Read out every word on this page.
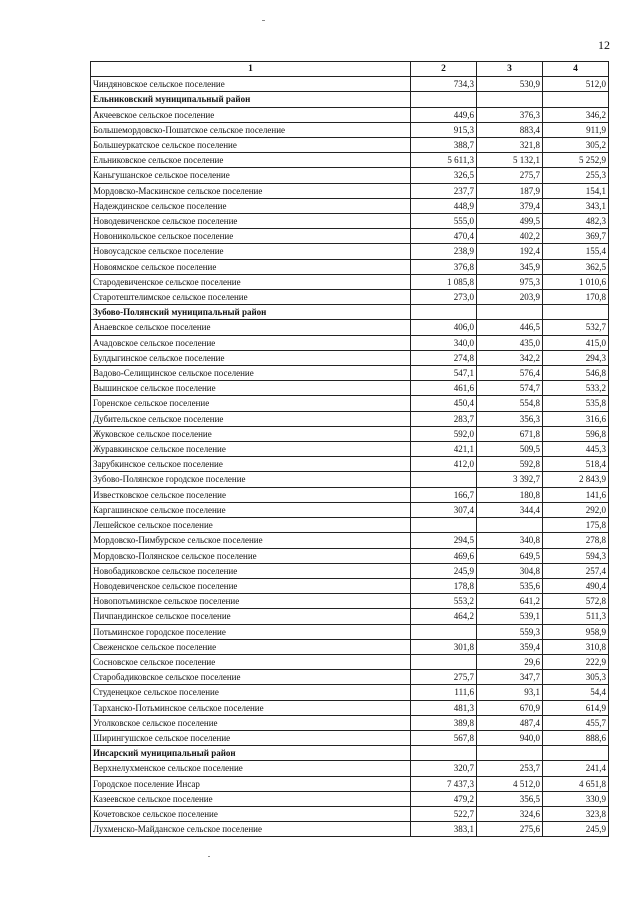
12
1	2	3	4
Чиндяновское сельское поселение	734,3	530,9	512,0
Ельниковский муниципальный район			
Акчеевское сельское поселение	449,6	376,3	346,2
Большемордовско-Пошатское сельское поселение	915,3	883,4	911,9
Большеуркатское сельское поселение	388,7	321,8	305,2
Ельниковское сельское поселение	5 611,3	5 132,1	5 252,9
Каньгушанское сельское поселение	326,5	275,7	255,3
Мордовско-Маскинское сельское поселение	237,7	187,9	154,1
Надеждинское сельское поселение	448,9	379,4	343,1
Новодевиченское сельское поселение	555,0	499,5	482,3
Новоникольское сельское поселение	470,4	402,2	369,7
Новоусадское сельское поселение	238,9	192,4	155,4
Новоямское сельское поселение	376,8	345,9	362,5
Стародевиченское сельское поселение	1 085,8	975,3	1 010,6
Старотештелимское сельское поселение	273,0	203,9	170,8
Зубово-Полянский муниципальный район			
Анаевское сельское поселение	406,0	446,5	532,7
Ачадовское сельское поселение	340,0	435,0	415,0
Булдыгинское сельское поселение	274,8	342,2	294,3
Вадово-Селищинское сельское поселение	547,1	576,4	546,8
Вышинское сельское поселение	461,6	574,7	533,2
Горенское сельское поселение	450,4	554,8	535,8
Дубительское сельское поселение	283,7	356,3	316,6
Жуковское сельское поселение	592,0	671,8	596,8
Журавкинское сельское поселение	421,1	509,5	445,3
Зарубкинское сельское поселение	412,0	592,8	518,4
Зубово-Полянское городское поселение		3 392,7	2 843,9
Известковское сельское поселение	166,7	180,8	141,6
Каргашинское сельское поселение	307,4	344,4	292,0
Лешейское сельское поселение			175,8
Мордовско-Пимбурское сельское поселение	294,5	340,8	278,8
Мордовско-Полянское сельское поселение	469,6	649,5	594,3
Новобадиковское сельское поселение	245,9	304,8	257,4
Новодевиченское сельское поселение	178,8	535,6	490,4
Новопотьминское сельское поселение	553,2	641,2	572,8
Пичпандинское сельское поселение	464,2	539,1	511,3
Потьминское городское поселение		559,3	958,9
Свеженское сельское поселение	301,8	359,4	310,8
Сосновское сельское поселение		29,6	222,9
Старобадиковское сельское поселение	275,7	347,7	305,3
Студенецкое сельское поселение	111,6	93,1	54,4
Тарханско-Потьминское сельское поселение	481,3	670,9	614,9
Уголковское сельское поселение	389,8	487,4	455,7
Ширингушское сельское поселение	567,8	940,0	888,6
Инсарский муниципальный район			
Верхнелухменское сельское поселение	320,7	253,7	241,4
Городское поселение Инсар	7 437,3	4 512,0	4 651,8
Казеевское сельское поселение	479,2	356,5	330,9
Кочетовское сельское поселение	522,7	324,6	323,8
Лухменско-Майданское сельское поселение	383,1	275,6	245,9
